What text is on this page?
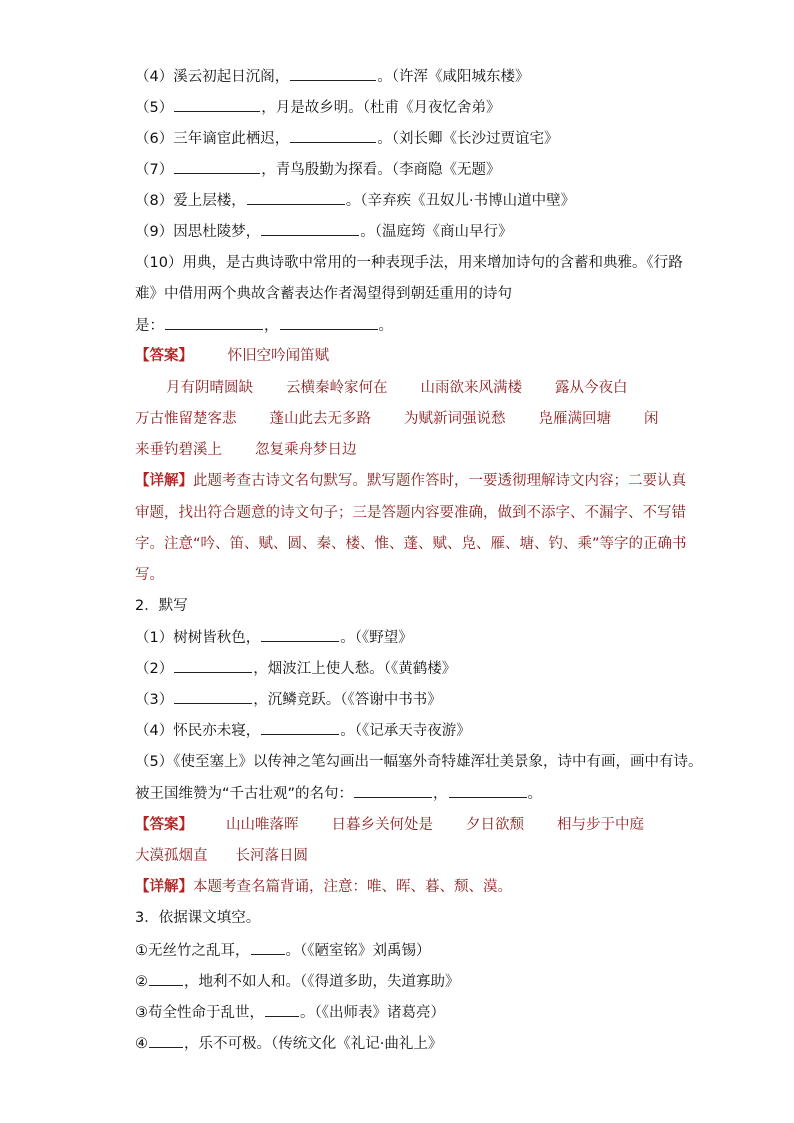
（4）溪云初起日沉阁，	。（许浑《咸阳城东楼》
（5）	，月是故乡明。（杜甫《月夜忆舍弟》
（6）三年谪宦此栖迟，	。（刘长卿《长沙过贾谊宅》
（7）	，青鸟殷勤为探看。（李商隐《无题》
（8）爱上层楼，	。（辛弃疾《丑奴儿·书博山道中壁》
（9）因思杜陵梦，	。（温庭筠《商山早行》
（10）用典，是古典诗歌中常用的一种表现手法，用来增加诗句的含蓄和典雅。《行路
难》中借用两个典故含蓄表达作者渴望得到朝廷重用的诗句
是：	，	。
【答案】 怀旧空吟闻笛赋
月有阴晴圆缺 云横秦岭家何在 山雨欲来风满楼 露从今夜白
万古惟留楚客悲 蓬山此去无多路 为赋新词强说愁 凫雁满回塘 闲
来垂钓碧溪上 忽复乘舟梦日边
【详解】此题考查古诗文名句默写。默写题作答时，一要透彻理解诗文内容；二要认真
审题，找出符合题意的诗文句子；三是答题内容要准确，做到不添字、不漏字、不写错
字。注意“吟、笛、赋、圆、秦、楼、惟、蓬、赋、凫、雁、塘、钓、乘”等字的正确书
写。
2．默写
（1）树树皆秋色，	。（《野望》
（2）	，烟波江上使人愁。（《黄鹤楼》
（3）	，沉鳞竞跃。（《答谢中书书》
（4）怀民亦未寝，	。（《记承天寺夜游》
（5）《使至塞上》以传神之笔勾画出一幅塞外奇特雄浑壮美景象，诗中有画，画中有诗。
被王国维赞为“千古壮观”的名句：	，	。
【答案】 山山唯落晖 日暮乡关何处是 夕日欲颓 相与步于中庭
大漠孤烟直 长河落日圆
【详解】本题考查名篇背诵，注意：唯、晖、暮、颓、漠。
3．依据课文填空。
①无丝竹之乱耳， 。（《陋室铭》刘禹锡）
② ，地利不如人和。（《得道多助，失道寡助》
③苟全性命于乱世， 。（《出师表》诸葛亮）
④ ，乐不可极。（传统文化《礼记·曲礼上》
